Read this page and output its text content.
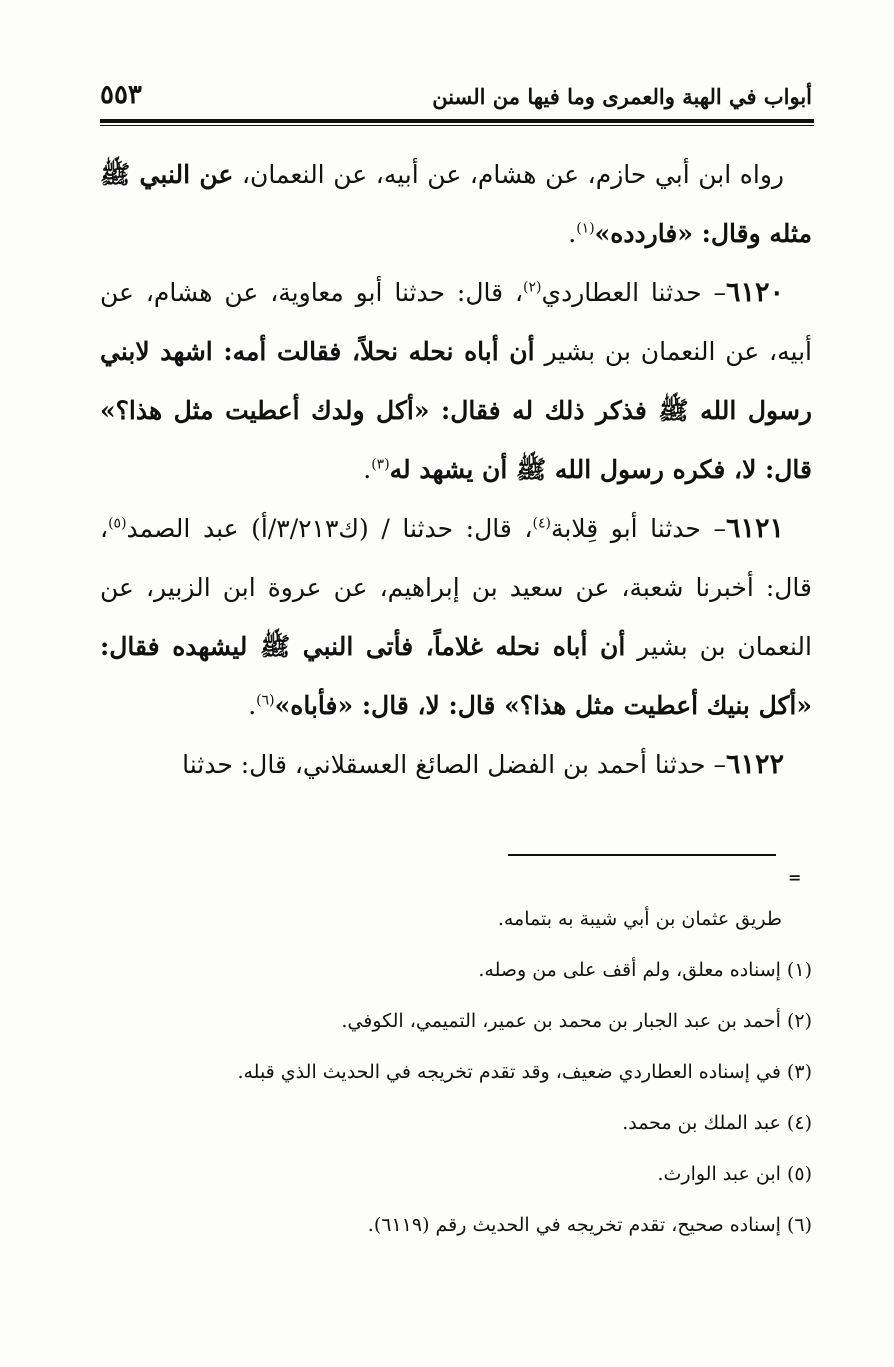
أبواب في الهبة والعمرى وما فيها من السنن
٥٥٣

رواه ابن أبي حازم، عن هشام، عن أبيه، عن النعمان، عن النبي ﷺ مثله وقال: «فاردده»$^{(١)}$.

٦١٢٠– حدثنا العطاردي$^{(٢)}$، قال: حدثنا أبو معاوية، عن هشام، عن أبيه، عن النعمان بن بشير أن أباه نحله نحلاً، فقالت أمه: اشهد لابني رسول الله ﷺ فذكر ذلك له فقال: «أكل ولدك أعطيت مثل هذا؟» قال: لا، فكره رسول الله ﷺ أن يشهد له$^{(٣)}$.

٦١٢١– حدثنا أبو قِلابة$^{(٤)}$، قال: حدثنا / (ك٣/٢١٣/أ) عبد الصمد$^{(٥)}$، قال: أخبرنا شعبة، عن سعيد بن إبراهيم، عن عروة ابن الزبير، عن النعمان بن بشير أن أباه نحله غلاماً، فأتى النبي ﷺ ليشهده فقال: «أكل بنيك أعطيت مثل هذا؟» قال: لا، قال: «فأباه»$^{(٦)}$.

٦١٢٢– حدثنا أحمد بن الفضل الصائغ العسقلاني، قال: حدثنا

=
طريق عثمان بن أبي شيبة به بتمامه.
(١) إسناده معلق، ولم أقف على من وصله.
(٢) أحمد بن عبد الجبار بن محمد بن عمير، التميمي، الكوفي.
(٣) في إسناده العطاردي ضعيف، وقد تقدم تخريجه في الحديث الذي قبله.
(٤) عبد الملك بن محمد.
(٥) ابن عبد الوارث.
(٦) إسناده صحيح، تقدم تخريجه في الحديث رقم (٦١١٩).
